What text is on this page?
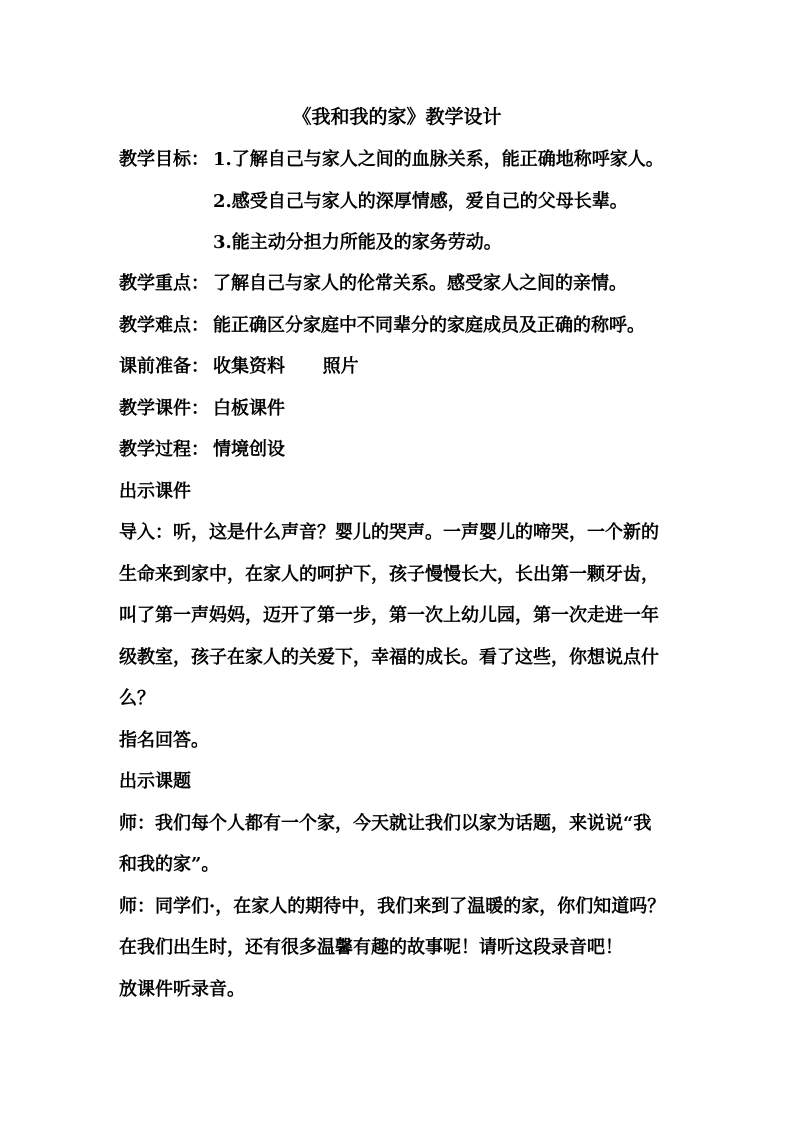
《我和我的家》教学设计
教学目标： 1.了解自己与家人之间的血脉关系，能正确地称呼家人。
2.感受自己与家人的深厚情感，爱自己的父母长辈。
3.能主动分担力所能及的家务劳动。
教学重点： 了解自己与家人的伦常关系。感受家人之间的亲情。
教学难点： 能正确区分家庭中不同辈分的家庭成员及正确的称呼。
课前准备： 收集资料      照片
教学课件： 白板课件
教学过程： 情境创设
出示课件
导入：听，这是什么声音？婴儿的哭声。一声婴儿的啼哭，一个新的
生命来到家中，在家人的呵护下，孩子慢慢长大，长出第一颗牙齿，
叫了第一声妈妈，迈开了第一步，第一次上幼儿园，第一次走进一年
级教室，孩子在家人的关爱下，幸福的成长。看了这些，你想说点什
么？
指名回答。
出示课题
师：我们每个人都有一个家，今天就让我们以家为话题，来说说“我
和我的家”。
师：同学们·，在家人的期待中，我们来到了温暖的家，你们知道吗？
在我们出生时，还有很多温馨有趣的故事呢！请听这段录音吧！
放课件听录音。
